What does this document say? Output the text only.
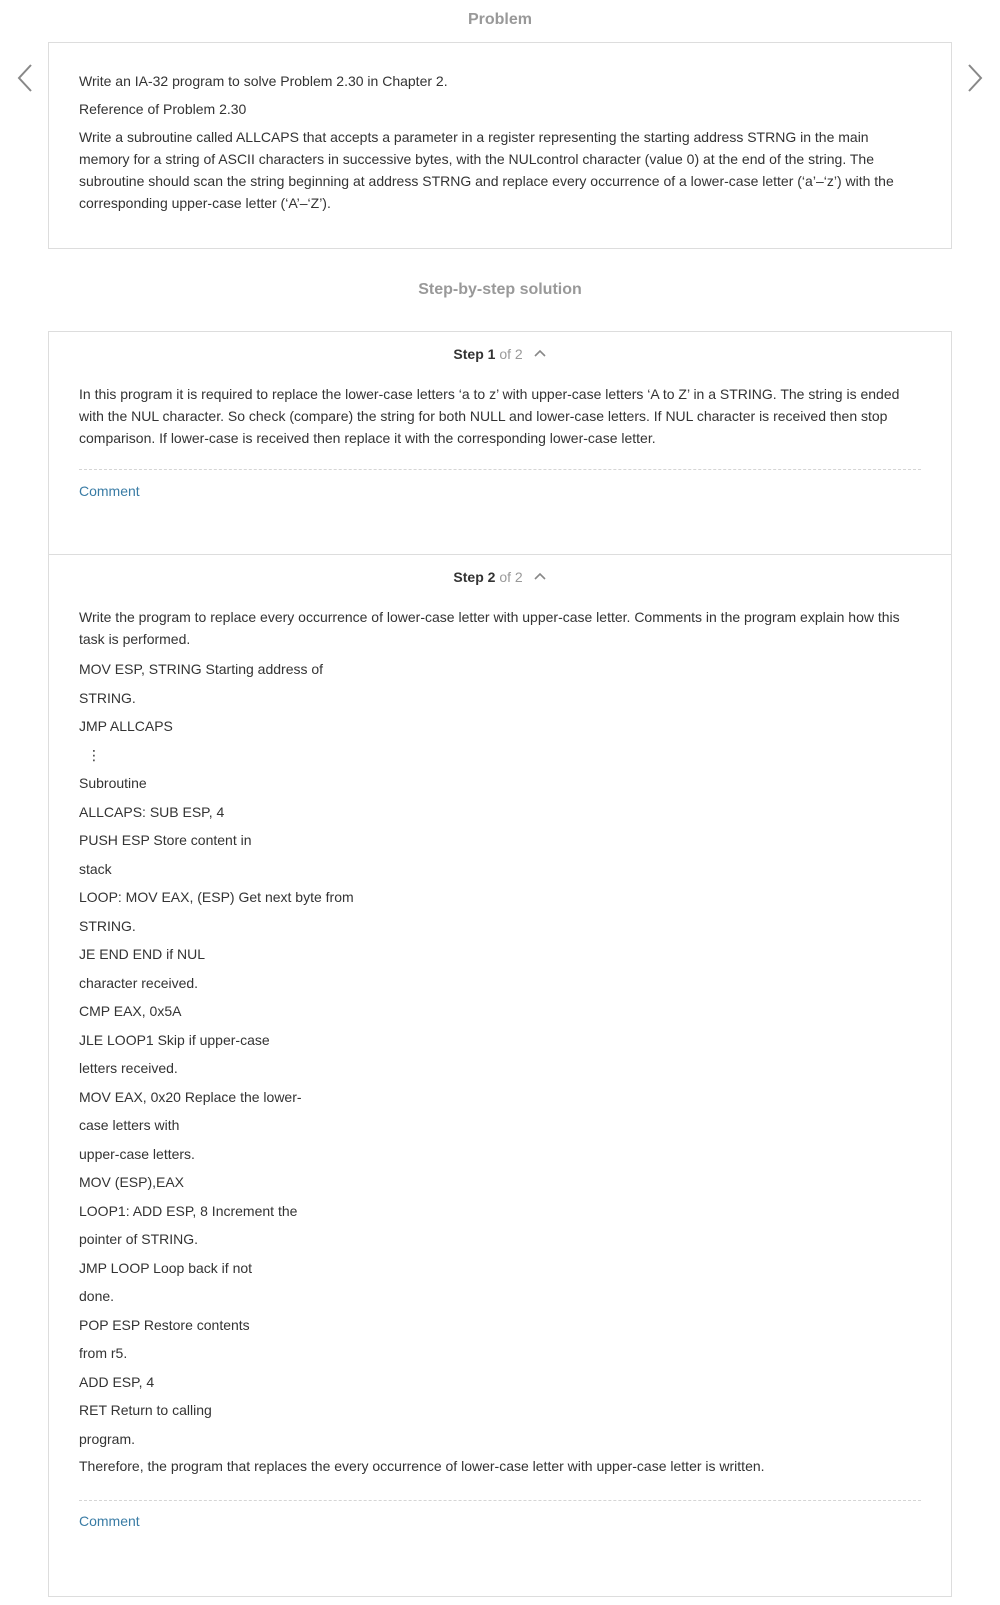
Problem

Write an IA-32 program to solve Problem 2.30 in Chapter 2.

Reference of Problem 2.30

Write a subroutine called ALLCAPS that accepts a parameter in a register representing the starting address STRNG in the main memory for a string of ASCII characters in successive bytes, with the NULcontrol character (value 0) at the end of the string. The subroutine should scan the string beginning at address STRNG and replace every occurrence of a lower-case letter (‘a’–‘z’) with the corresponding upper-case letter (‘A’–‘Z’).

Step-by-step solution
Step 1 of 2

In this program it is required to replace the lower-case letters ‘a to z’ with upper-case letters ‘A to Z’ in a STRING. The string is ended with the NUL character. So check (compare) the string for both NULL and lower-case letters. If NUL character is received then stop comparison. If lower-case is received then replace it with the corresponding lower-case letter.

Comment
Step 2 of 2

Write the program to replace every occurrence of lower-case letter with upper-case letter. Comments in the program explain how this task is performed.

MOV ESP, STRING Starting address of
STRING.
JMP ALLCAPS
⋮
Subroutine
ALLCAPS: SUB ESP, 4
PUSH ESP Store content in
stack
LOOP: MOV EAX, (ESP) Get next byte from
STRING.
JE END END if NUL
character received.
CMP EAX, 0x5A
JLE LOOP1 Skip if upper-case
letters received.
MOV EAX, 0x20 Replace the lower-
case letters with
upper-case letters.
MOV (ESP),EAX
LOOP1: ADD ESP, 8 Increment the
pointer of STRING.
JMP LOOP Loop back if not
done.
POP ESP Restore contents
from r5.
ADD ESP, 4
RET Return to calling
program.

Therefore, the program that replaces the every occurrence of lower-case letter with upper-case letter is written.

Comment
